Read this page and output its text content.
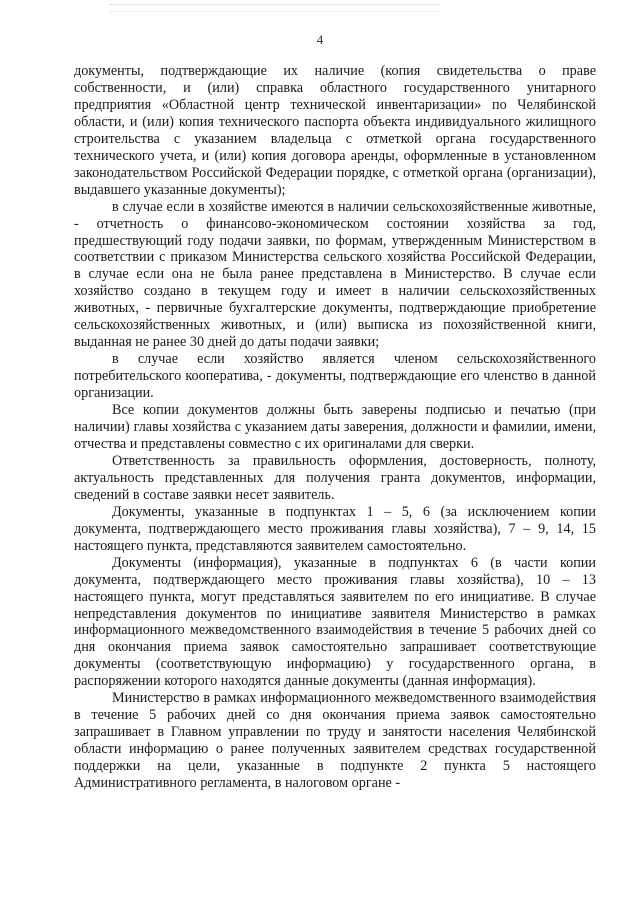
4

документы, подтверждающие их наличие (копия свидетельства о праве собственности, и (или) справка областного государственного унитарного предприятия «Областной центр технической инвентаризации» по Челябинской области, и (или) копия технического паспорта объекта индивидуального жилищного строительства с указанием владельца с отметкой органа государственного технического учета, и (или) копия договора аренды, оформленные в установленном законодательством Российской Федерации порядке, с отметкой органа (организации), выдавшего указанные документы);

в случае если в хозяйстве имеются в наличии сельскохозяйственные животные, - отчетность о финансово-экономическом состоянии хозяйства за год, предшествующий году подачи заявки, по формам, утвержденным Министерством в соответствии с приказом Министерства сельского хозяйства Российской Федерации, в случае если она не была ранее представлена в Министерство. В случае если хозяйство создано в текущем году и имеет в наличии сельскохозяйственных животных, - первичные бухгалтерские документы, подтверждающие приобретение сельскохозяйственных животных, и (или) выписка из похозяйственной книги, выданная не ранее 30 дней до даты подачи заявки;

в случае если хозяйство является членом сельскохозяйственного потребительского кооператива, - документы, подтверждающие его членство в данной организации.

Все копии документов должны быть заверены подписью и печатью (при наличии) главы хозяйства с указанием даты заверения, должности и фамилии, имени, отчества и представлены совместно с их оригиналами для сверки.

Ответственность за правильность оформления, достоверность, полноту, актуальность представленных для получения гранта документов, информации, сведений в составе заявки несет заявитель.

Документы, указанные в подпунктах 1 – 5, 6 (за исключением копии документа, подтверждающего место проживания главы хозяйства), 7 – 9, 14, 15 настоящего пункта, представляются заявителем самостоятельно.

Документы (информация), указанные в подпунктах 6 (в части копии документа, подтверждающего место проживания главы хозяйства), 10 – 13 настоящего пункта, могут представляться заявителем по его инициативе. В случае непредставления документов по инициативе заявителя Министерство в рамках информационного межведомственного взаимодействия в течение 5 рабочих дней со дня окончания приема заявок самостоятельно запрашивает соответствующие документы (соответствующую информацию) у государственного органа, в распоряжении которого находятся данные документы (данная информация).

Министерство в рамках информационного межведомственного взаимодействия в течение 5 рабочих дней со дня окончания приема заявок самостоятельно запрашивает в Главном управлении по труду и занятости населения Челябинской области информацию о ранее полученных заявителем средствах государственной поддержки на цели, указанные в подпункте 2 пункта 5 настоящего Административного регламента, в налоговом органе -
